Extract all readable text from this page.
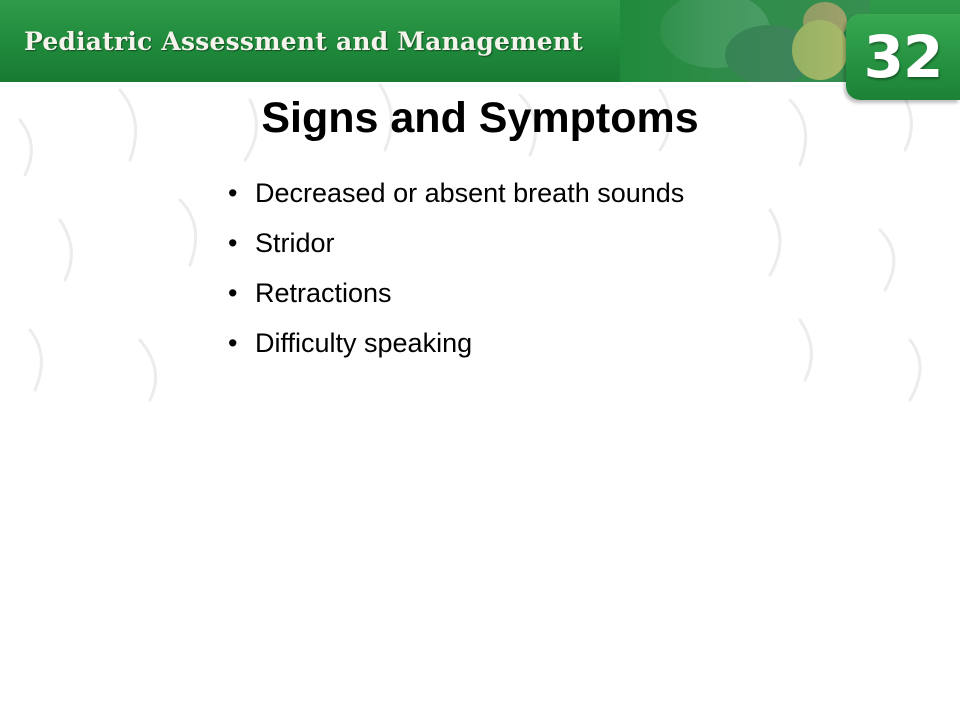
Pediatric Assessment and Management	32
Signs and Symptoms
• Decreased or absent breath sounds
• Stridor
• Retractions
• Difficulty speaking
